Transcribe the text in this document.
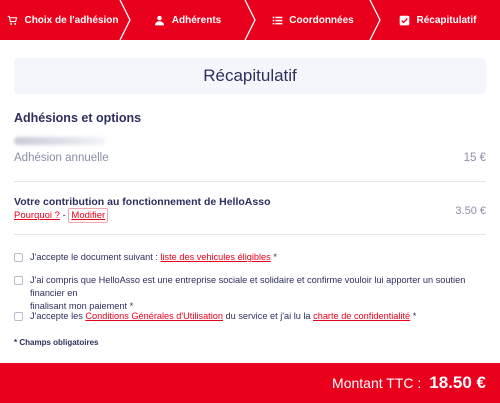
Choix de l'adhésion	Adhérents	Coordonnées	Récapitulatif
Récapitulatif
Adhésions et options
Adhésion annuelle	15 €
Votre contribution au fonctionnement de HelloAsso
Pourquoi ? - Modifier	3.50 €
J'accepte le document suivant : liste des vehicules éligibles *
J'ai compris que HelloAsso est une entreprise sociale et solidaire et confirme vouloir lui apporter un soutien financier en
finalisant mon paiement *
J'accepte les Conditions Générales d'Utilisation du service et j'ai lu la charte de confidentialité *
* Champs obligatoires
Montant TTC : 18.50 €
